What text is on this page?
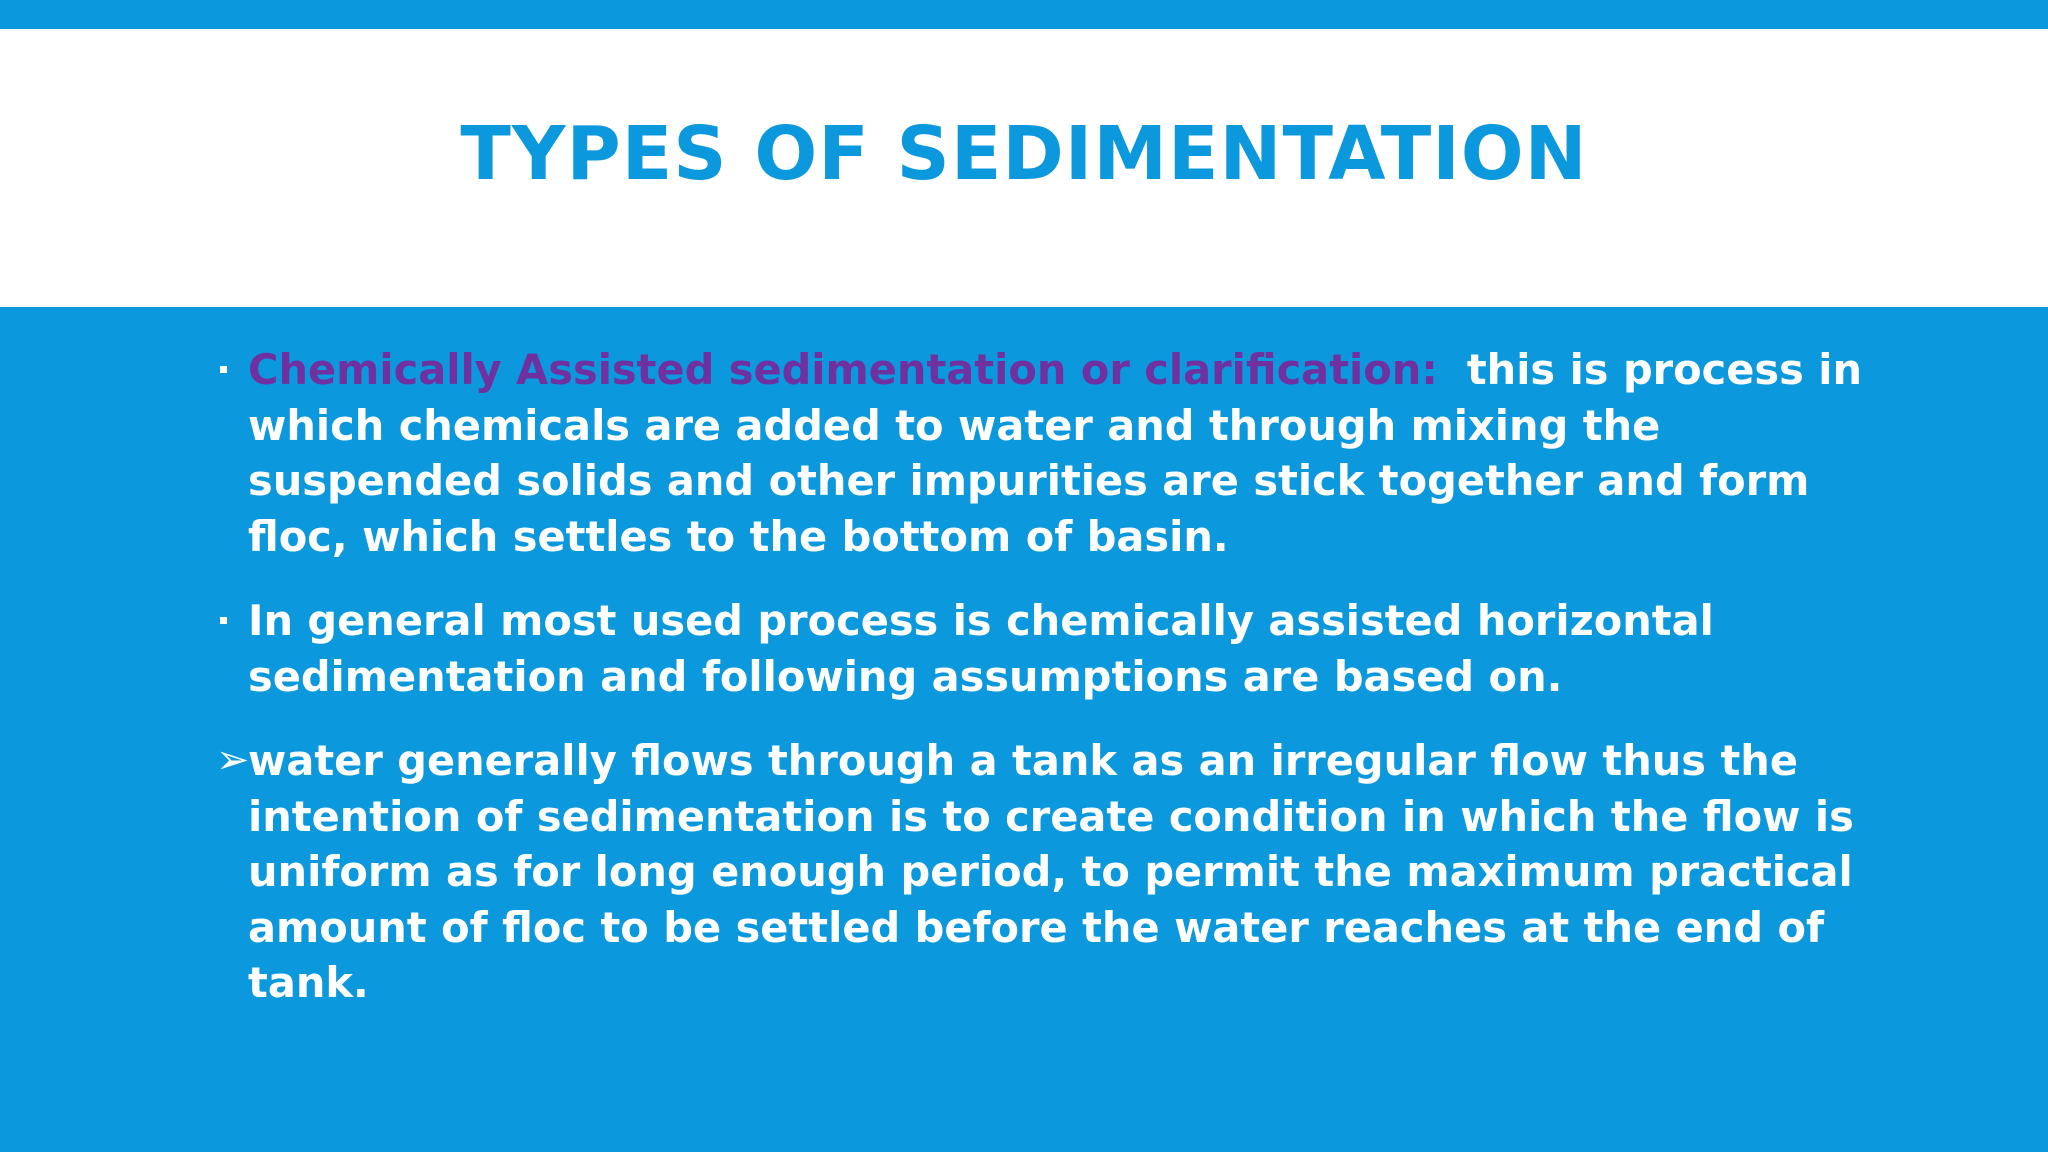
TYPES OF SEDIMENTATION
Chemically Assisted sedimentation or clarification: this is process in which chemicals are added to water and through mixing the suspended solids and other impurities are stick together and form floc, which settles to the bottom of basin.
In general most used process is chemically assisted horizontal sedimentation and following assumptions are based on.
➢
water generally flows through a tank as an irregular flow thus the intention of sedimentation is to create condition in which the flow is uniform as for long enough period, to permit the maximum practical amount of floc to be settled before the water reaches at the end of tank.
